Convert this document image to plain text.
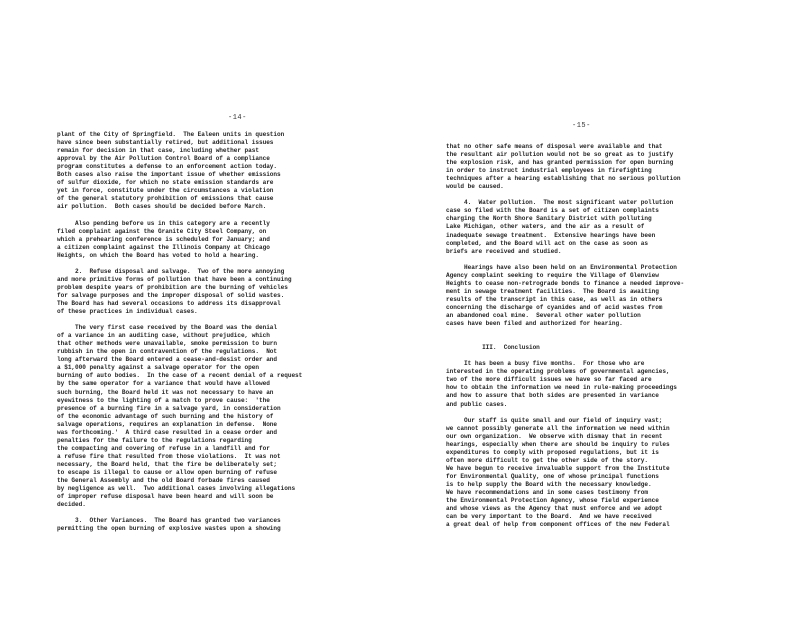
-14-
plant of the City of Springfield.  The Ealeen units in question
have since been substantially retired, but additional issues
remain for decision in that case, including whether past
approval by the Air Pollution Control Board of a compliance
program constitutes a defense to an enforcement action today.
Both cases also raise the important issue of whether emissions
of sulfur dioxide, for which no state emission standards are
yet in force, constitute under the circumstances a violation
of the general statutory prohibition of emissions that cause
air pollution.  Both cases should be decided before March.
Also pending before us in this category are a recently
filed complaint against the Granite City Steel Company, on
which a prehearing conference is scheduled for January; and
a citizen complaint against the Illinois Company at Chicago
Heights, on which the Board has voted to hold a hearing.
2.  Refuse disposal and salvage.  Two of the more annoying
and more primitive forms of pollution that have been a continuing
problem despite years of prohibition are the burning of vehicles
for salvage purposes and the improper disposal of solid wastes.
The Board has had several occasions to address its disapproval
of these practices in individual cases.
The very first case received by the Board was the denial
of a variance in an auditing case, without prejudice, which
that other methods were unavailable, smoke permission to burn
rubbish in the open in contravention of the regulations.  Not
long afterward the Board entered a cease-and-desist order and
a $1,000 penalty against a salvage operator for the open
burning of auto bodies.  In the case of a recent denial of a request
by the same operator for a variance that would have allowed
such burning, the Board held it was not necessary to have an
eyewitness to the lighting of a match to prove cause:  'the
presence of a burning fire in a salvage yard, in consideration
of the economic advantage of such burning and the history of
salvage operations, requires an explanation in defense.  None
was forthcoming.'  A third case resulted in a cease order and
penalties for the failure to the regulations regarding
the compacting and covering of refuse in a landfill and for
a refuse fire that resulted from those violations.  It was not
necessary, the Board held, that the fire be deliberately set;
to escape is illegal to cause or allow open burning of refuse
the General Assembly and the old Board forbade fires caused
by negligence as well.  Two additional cases involving allegations
of improper refuse disposal have been heard and will soon be
decided.
3.  Other Variances.  The Board has granted two variances
permitting the open burning of explosive wastes upon a showing
-15-
that no other safe means of disposal were available and that
the resultant air pollution would not be so great as to justify
the explosion risk, and has granted permission for open burning
in order to instruct industrial employees in firefighting
techniques after a hearing establishing that no serious pollution
would be caused.
4.  Water pollution.  The most significant water pollution
case so filed with the Board is a set of citizen complaints
charging the North Shore Sanitary District with polluting
Lake Michigan, other waters, and the air as a result of
inadequate sewage treatment.  Extensive hearings have been
completed, and the Board will act on the case as soon as
briefs are received and studied.
Hearings have also been held on an Environmental Protection
Agency complaint seeking to require the Village of Glenview
Heights to cease non-retrograde bonds to finance a needed improve-
ment in sewage treatment facilities.  The Board is awaiting
results of the transcript in this case, as well as in others
concerning the discharge of cyanides and of acid wastes from
an abandoned coal mine.  Several other water pollution
cases have been filed and authorized for hearing.
III.  Conclusion
It has been a busy five months.  For those who are
interested in the operating problems of governmental agencies,
two of the more difficult issues we have so far faced are
how to obtain the information we need in rule-making proceedings
and how to assure that both sides are presented in variance
and public cases.
Our staff is quite small and our field of inquiry vast;
we cannot possibly generate all the information we need within
our own organization.  We observe with dismay that in recent
hearings, especially when there are should be inquiry to rules
expenditures to comply with proposed regulations, but it is
often more difficult to get the other side of the story.
We have begun to receive invaluable support from the Institute
for Environmental Quality, one of whose principal functions
is to help supply the Board with the necessary knowledge.
We have recommendations and in some cases testimony from
the Environmental Protection Agency, whose field experience
and whose views as the Agency that must enforce and we adopt
can be very important to the Board.  And we have received
a great deal of help from component offices of the new Federal
